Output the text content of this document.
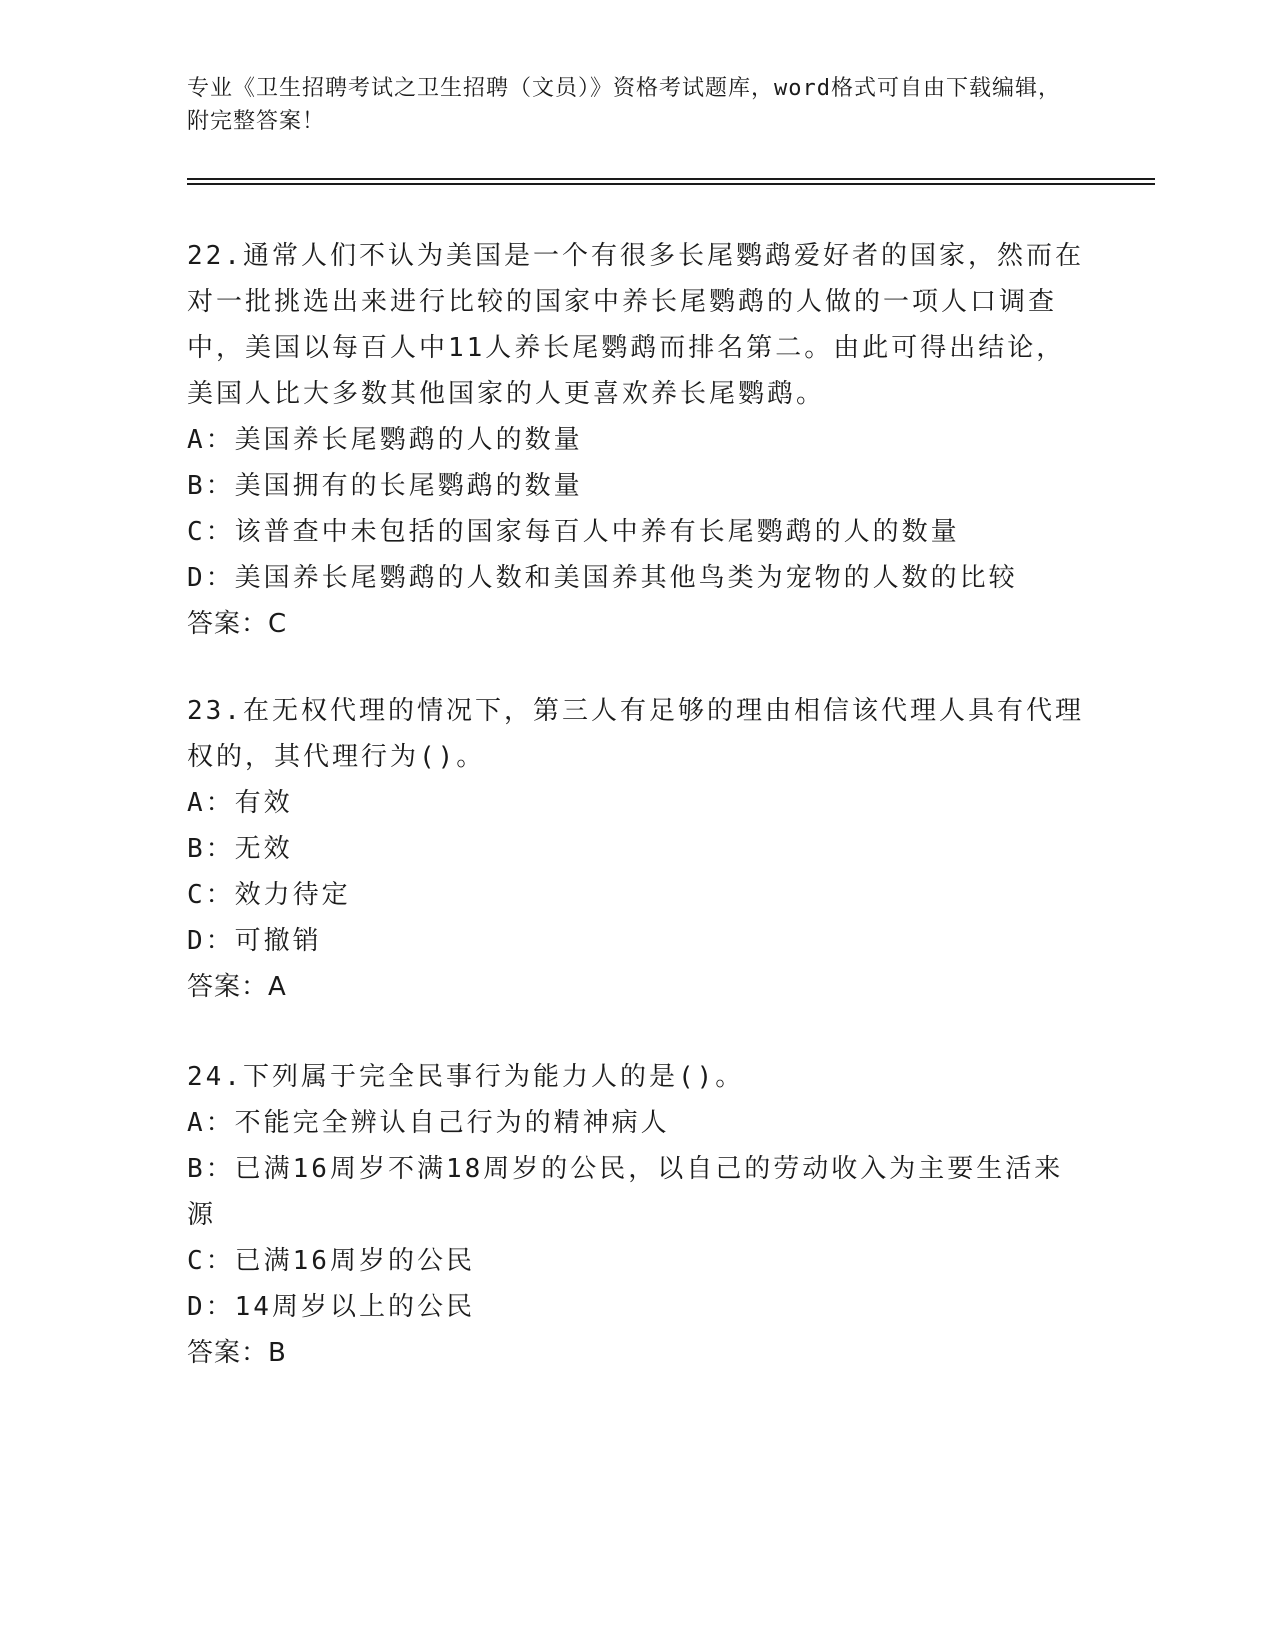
专业《卫生招聘考试之卫生招聘（文员）》资格考试题库，word格式可自由下载编辑，附完整答案！

22.通常人们不认为美国是一个有很多长尾鹦鹉爱好者的国家，然而在对一批挑选出来进行比较的国家中养长尾鹦鹉的人做的一项人口调查中，美国以每百人中11人养长尾鹦鹉而排名第二。由此可得出结论，美国人比大多数其他国家的人更喜欢养长尾鹦鹉。

A：美国养长尾鹦鹉的人的数量

B：美国拥有的长尾鹦鹉的数量

C：该普查中未包括的国家每百人中养有长尾鹦鹉的人的数量

D：美国养长尾鹦鹉的人数和美国养其他鸟类为宠物的人数的比较

答案：C

23.在无权代理的情况下，第三人有足够的理由相信该代理人具有代理权的，其代理行为()。

A：有效

B：无效

C：效力待定

D：可撤销

答案：A

24.下列属于完全民事行为能力人的是()。

A：不能完全辨认自己行为的精神病人

B：已满16周岁不满18周岁的公民，以自己的劳动收入为主要生活来源

C：已满16周岁的公民

D：14周岁以上的公民

答案：B
